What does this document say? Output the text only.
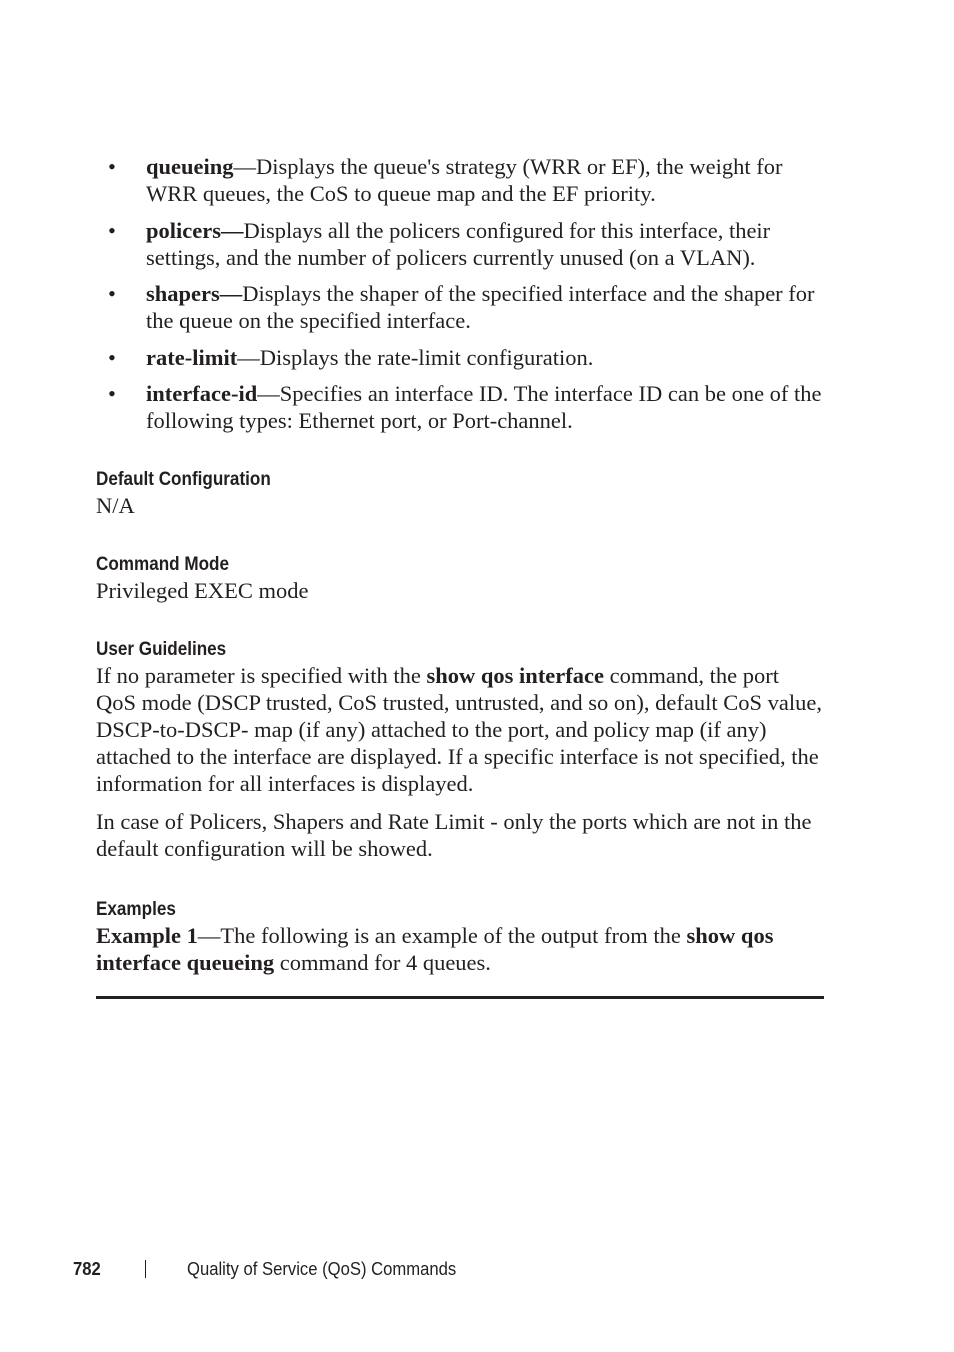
• queueing—Displays the queue's strategy (WRR or EF), the weight for WRR queues, the CoS to queue map and the EF priority.
• policers—Displays all the policers configured for this interface, their settings, and the number of policers currently unused (on a VLAN).
• shapers—Displays the shaper of the specified interface and the shaper for the queue on the specified interface.
• rate-limit—Displays the rate-limit configuration.
• interface-id—Specifies an interface ID. The interface ID can be one of the following types: Ethernet port, or Port-channel.
Default Configuration

N/A

Command Mode

Privileged EXEC mode

User Guidelines

If no parameter is specified with the show qos interface command, the port QoS mode (DSCP trusted, CoS trusted, untrusted, and so on), default CoS value, DSCP-to-DSCP- map (if any) attached to the port, and policy map (if any) attached to the interface are displayed. If a specific interface is not specified, the information for all interfaces is displayed.

In case of Policers, Shapers and Rate Limit - only the ports which are not in the default configuration will be showed.

Examples

Example 1—The following is an example of the output from the show qos interface queueing command for 4 queues.

782	Quality of Service (QoS) Commands
